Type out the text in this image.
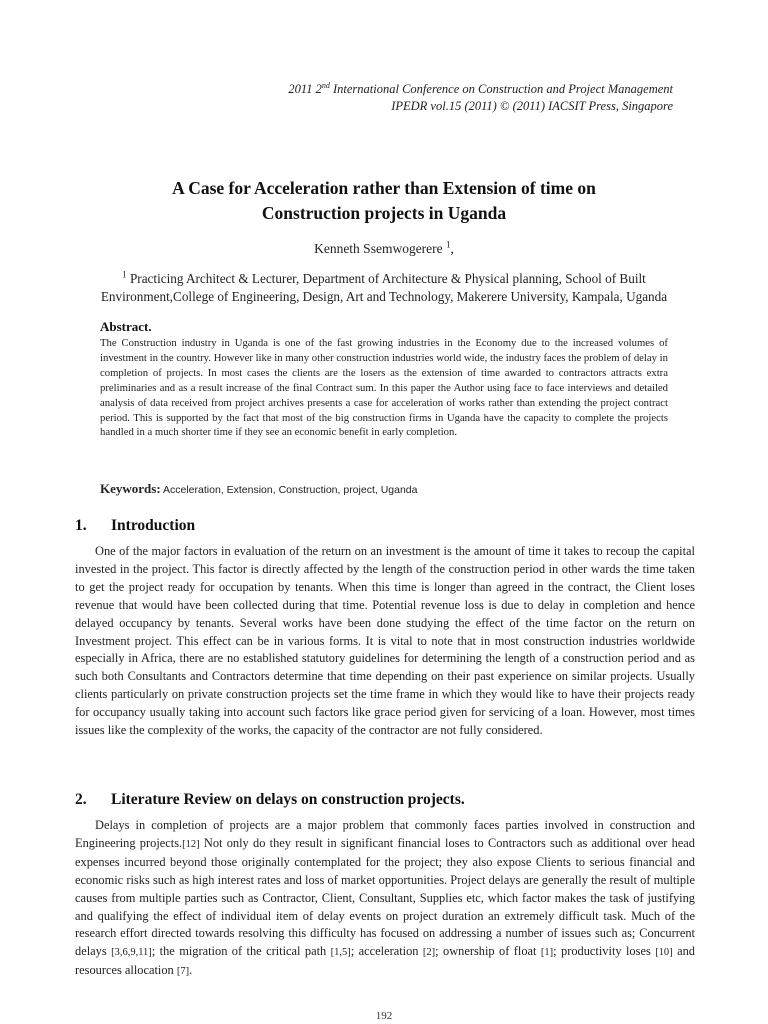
2011 2nd International Conference on Construction and Project Management
IPEDR vol.15 (2011) © (2011) IACSIT Press, Singapore
A Case for Acceleration rather than Extension of time on
Construction projects in Uganda
Kenneth Ssemwogerere $^1$,
$^1$ Practicing Architect & Lecturer, Department of Architecture & Physical planning, School of Built
Environment,College of Engineering, Design, Art and Technology, Makerere University, Kampala, Uganda
Abstract.
The Construction industry in Uganda is one of the fast growing industries in the Economy due to the increased volumes of investment in the country. However like in many other construction industries world wide, the industry faces the problem of delay in completion of projects. In most cases the clients are the losers as the extension of time awarded to contractors attracts extra preliminaries and as a result increase of the final Contract sum. In this paper the Author using face to face interviews and detailed analysis of data received from project archives presents a case for acceleration of works rather than extending the project contract period. This is supported by the fact that most of the big construction firms in Uganda have the capacity to complete the projects handled in a much shorter time if they see an economic benefit in early completion.
Keywords: Acceleration, Extension, Construction, project, Uganda
1. Introduction

One of the major factors in evaluation of the return on an investment is the amount of time it takes to recoup the capital invested in the project. This factor is directly affected by the length of the construction period in other wards the time taken to get the project ready for occupation by tenants. When this time is longer than agreed in the contract, the Client loses revenue that would have been collected during that time. Potential revenue loss is due to delay in completion and hence delayed occupancy by tenants. Several works have been done studying the effect of the time factor on the return on Investment project. This effect can be in various forms. It is vital to note that in most construction industries worldwide especially in Africa, there are no established statutory guidelines for determining the length of a construction period and as such both Consultants and Contractors determine that time depending on their past experience on similar projects. Usually clients particularly on private construction projects set the time frame in which they would like to have their projects ready for occupancy usually taking into account such factors like grace period given for servicing of a loan. However, most times issues like the complexity of the works, the capacity of the contractor are not fully considered.

2. Literature Review on delays on construction projects.

Delays in completion of projects are a major problem that commonly faces parties involved in construction and Engineering projects.[12] Not only do they result in significant financial loses to Contractors such as additional over head expenses incurred beyond those originally contemplated for the project; they also expose Clients to serious financial and economic risks such as high interest rates and loss of market opportunities. Project delays are generally the result of multiple causes from multiple parties such as Contractor, Client, Consultant, Supplies etc, which factor makes the task of justifying and qualifying the effect of individual item of delay events on project duration an extremely difficult task. Much of the research effort directed towards resolving this difficulty has focused on addressing a number of issues such as; Concurrent delays [3,6,9,11]; the migration of the critical path [1,5]; acceleration [2]; ownership of float [1]; productivity loses [10] and resources allocation [7].

192
